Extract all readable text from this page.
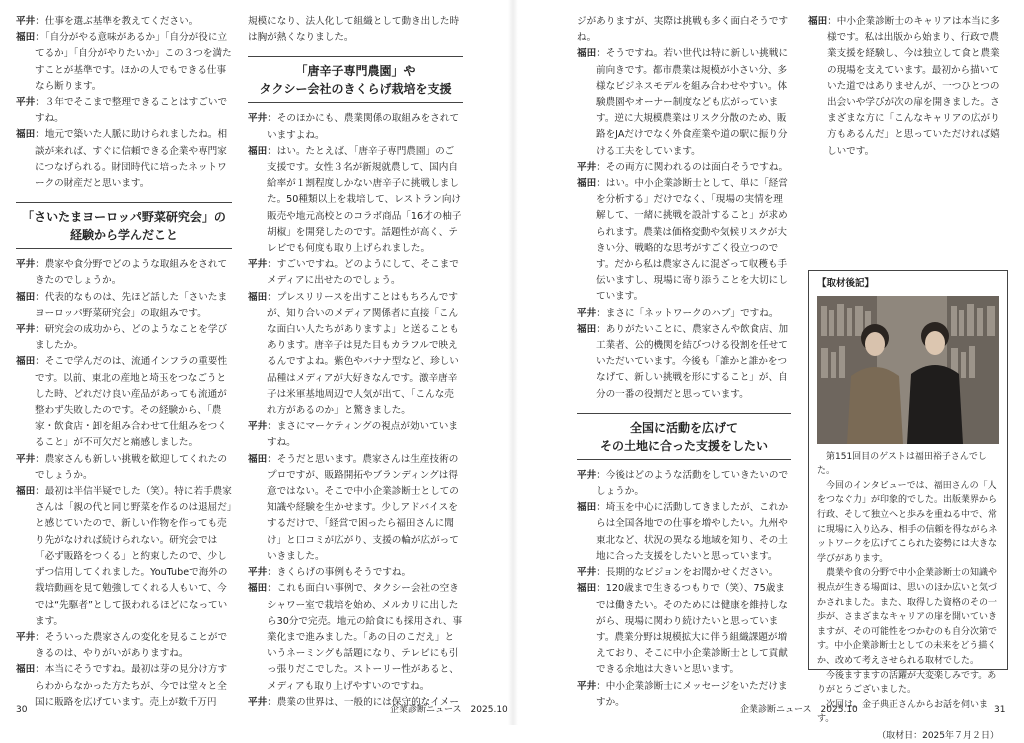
平井：仕事を選ぶ基準を教えてください。

福田：「自分がやる意味があるか」「自分が役に立てるか」「自分がやりたいか」この３つを満たすことが基準です。ほかの人でもできる仕事なら断ります。

平井：３年でそこまで整理できることはすごいですね。

福田：地元で築いた人脈に助けられましたね。相談が来れば、すぐに信頼できる企業や専門家につなげられる。財団時代に培ったネットワークの財産だと思います。

「さいたまヨーロッパ野菜研究会」の
経験から学んだこと

平井：農家や食分野でどのような取組みをされてきたのでしょうか。

福田：代表的なものは、先ほど話した「さいたまヨーロッパ野菜研究会」の取組みです。

平井：研究会の成功から、どのようなことを学びましたか。

福田：そこで学んだのは、流通インフラの重要性です。以前、東北の産地と埼玉をつなごうとした時、どれだけ良い産品があっても流通が整わず失敗したのです。その経験から、「農家・飲食店・卸を組み合わせて仕組みをつくること」が不可欠だと痛感しました。

平井：農家さんも新しい挑戦を歓迎してくれたのでしょうか。

福田：最初は半信半疑でした（笑）。特に若手農家さんは「親の代と同じ野菜を作るのは退屈だ」と感じていたので、新しい作物を作っても売り先がなければ続けられない。研究会では「必ず販路をつくる」と約束したので、少しずつ信用してくれました。YouTubeで海外の栽培動画を見て勉強してくれる人もいて、今では“先駆者”として扱われるほどになっています。

平井：そういった農家さんの変化を見ることができるのは、やりがいがありますね。

福田：本当にそうですね。最初は芽の見分け方すらわからなかった方たちが、今では堂々と全国に販路を広げています。売上が数千万円

規模になり、法人化して組織として動き出した時は胸が熱くなりました。

「唐辛子専門農園」や
タクシー会社のきくらげ栽培を支援

平井：そのほかにも、農業関係の取組みをされていますよね。

福田：はい。たとえば、「唐辛子専門農園」のご支援です。女性３名が新規就農して、国内自給率が１割程度しかない唐辛子に挑戦しました。50種類以上を栽培して、レストラン向け販売や地元高校とのコラボ商品「16才の柚子胡椒」を開発したのです。話題性が高く、テレビでも何度も取り上げられました。

平井：すごいですね。どのようにして、そこまでメディアに出せたのでしょう。

福田：プレスリリースを出すことはもちろんですが、知り合いのメディア関係者に直接「こんな面白い人たちがありますよ」と送ることもあります。唐辛子は見た目もカラフルで映えるんですよね。紫色やバナナ型など、珍しい品種はメディアが大好きなんです。激辛唐辛子は米軍基地周辺で人気が出て、「こんな売れ方があるのか」と驚きました。

平井：まさにマーケティングの視点が効いていますね。

福田：そうだと思います。農家さんは生産技術のプロですが、販路開拓やブランディングは得意ではない。そこで中小企業診断士としての知識や経験を生かせます。少しアドバイスをするだけで、「経営で困ったら福田さんに聞け」と口コミが広がり、支援の輪が広がっていきました。

平井：きくらげの事例もそうですね。

福田：これも面白い事例で、タクシー会社の空きシャワー室で栽培を始め、メルカリに出したら30分で完売。地元の給食にも採用され、事業化まで進みました。「あの日のこだえ」というネーミングも話題になり、テレビにも引っ張りだこでした。ストーリー性があると、メディアも取り上げやすいのですね。

平井：農業の世界は、一般的には保守的なイメー

ジがありますが、実際は挑戦も多く面白そうですね。

福田：そうですね。若い世代は特に新しい挑戦に前向きです。都市農業は規模が小さい分、多様なビジネスモデルを組み合わせやすい。体験農園やオーナー制度なども広がっています。逆に大規模農業はリスク分散のため、販路をJAだけでなく外食産業や道の駅に振り分ける工夫をしています。

平井：その両方に関われるのは面白そうですね。

福田：はい。中小企業診断士として、単に「経営を分析する」だけでなく、「現場の実情を理解して、一緒に挑戦を設計すること」が求められます。農業は価格変動や気候リスクが大きい分、戦略的な思考がすごく役立つのです。だから私は農家さんに混ざって収穫も手伝いますし、現場に寄り添うことを大切にしています。

平井：まさに「ネットワークのハブ」ですね。

福田：ありがたいことに、農家さんや飲食店、加工業者、公的機関を結びつける役割を任せていただいています。今後も「誰かと誰かをつなげて、新しい挑戦を形にすること」が、自分の一番の役割だと思っています。

全国に活動を広げて
その土地に合った支援をしたい

平井：今後はどのような活動をしていきたいのでしょうか。

福田：埼玉を中心に活動してきましたが、これからは全国各地での仕事を増やしたい。九州や東北など、状況の異なる地域を知り、その土地に合った支援をしたいと思っています。

平井：長期的なビジョンをお聞かせください。

福田：120歳まで生きるつもりで（笑）、75歳までは働きたい。そのためには健康を維持しながら、現場に関わり続けたいと思っています。農業分野は規模拡大に伴う組織課題が増えており、そこに中小企業診断士として貢献できる余地は大きいと思います。

平井：中小企業診断士にメッセージをいただけますか。

福田：中小企業診断士のキャリアは本当に多様です。私は出版から始まり、行政で農業支援を経験し、今は独立して食と農業の現場を支えています。最初から描いていた道ではありませんが、一つひとつの出会いや学びが次の扉を開きました。さまざまな方に「こんなキャリアの広がり方もあるんだ」と思っていただければ嬉しいです。

【取材後記】

第151回目のゲストは福田裕子さんでした。

今回のインタビューでは、福田さんの「人をつなぐ力」が印象的でした。出版業界から行政、そして独立へと歩みを重ねる中で、常に現場に入り込み、相手の信頼を得ながらネットワークを広げてこられた姿勢には大きな学びがあります。

農業や食の分野で中小企業診断士の知識や視点が生きる場面は、思いのほか広いと気づかされました。また、取得した資格のその一歩が、さまざまなキャリアの扉を開いていきますが、その可能性をつかむのも自分次第です。中小企業診断士としての未来をどう描くか、改めて考えさせられる取材でした。

今後ますますの活躍が大変楽しみです。ありがとうございました。

次回は、金子典正さんからお話を伺います。

（取材日：2025年７月２日）
30	企業診断ニュース　2025.10	企業診断ニュース　2025.10	31
